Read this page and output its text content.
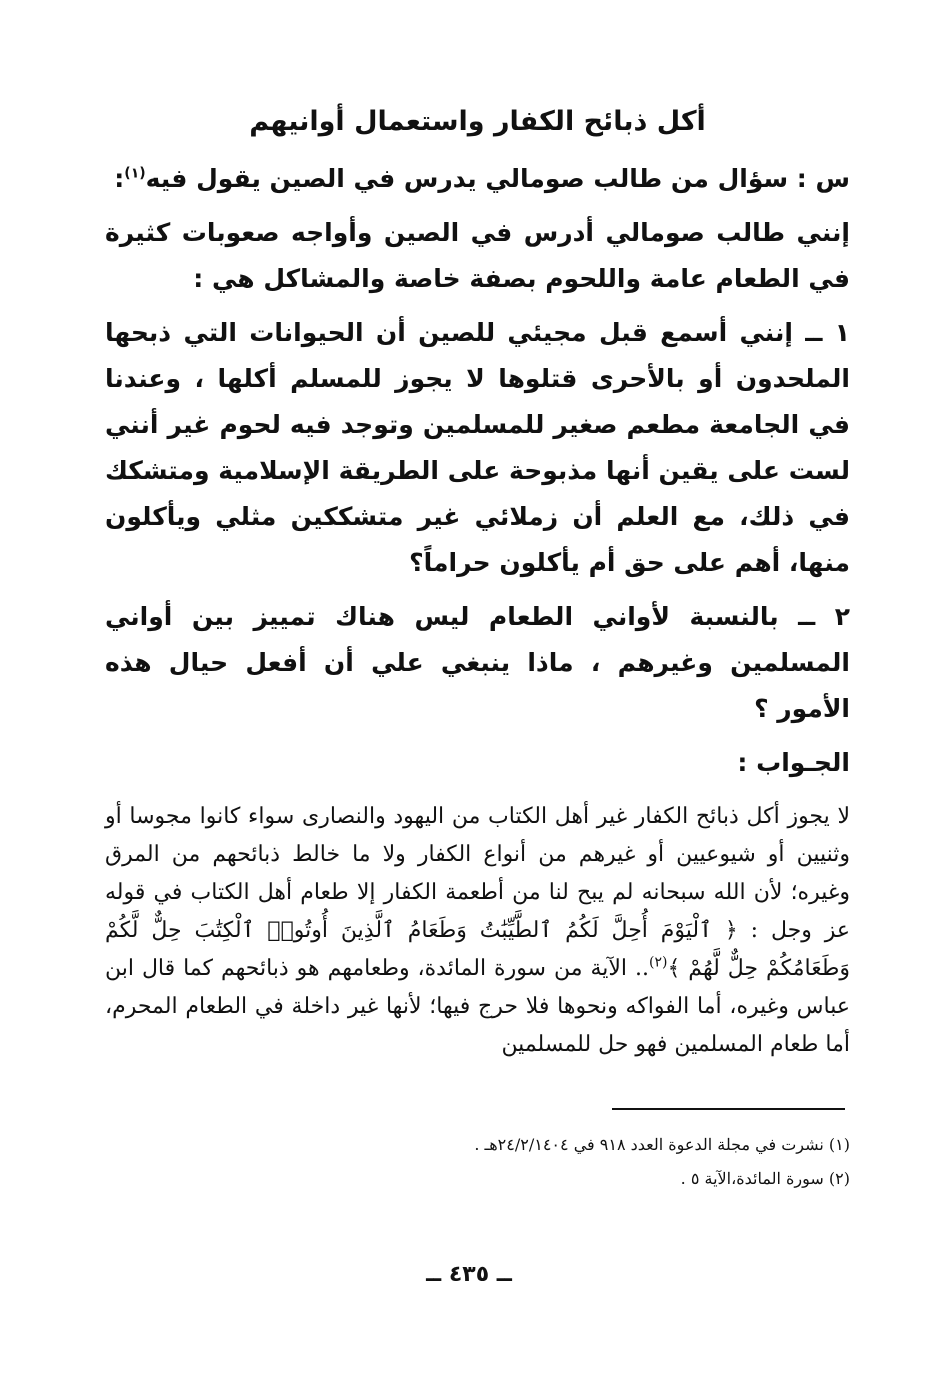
أكل ذبائح الكفار واستعمال أوانيهم
س : سؤال من طالب صومالي يدرس في الصين يقول فيه$^{(١)}$:

إنني طالب صومالي أدرس في الصين وأواجه صعوبات كثيرة في الطعام عامة واللحوم بصفة خاصة والمشاكل هي :

١ ــ إنني أسمع قبل مجيئي للصين أن الحيوانات التي ذبحها الملحدون أو بالأحرى قتلوها لا يجوز للمسلم أكلها ، وعندنا في الجامعة مطعم صغير للمسلمين وتوجد فيه لحوم غير أنني لست على يقين أنها مذبوحة على الطريقة الإسلامية ومتشكك في ذلك، مع العلم أن زملائي غير متشككين مثلي ويأكلون منها، أهم على حق أم يأكلون حراماً؟

٢ ــ بالنسبة لأواني الطعام ليس هناك تمييز بين أواني المسلمين وغيرهم ، ماذا ينبغي علي أن أفعل حيال هذه الأمور ؟

الجـواب :

لا يجوز أكل ذبائح الكفار غير أهل الكتاب من اليهود والنصارى سواء كانوا مجوسا أو وثنيين أو شيوعيين أو غيرهم من أنواع الكفار ولا ما خالط ذبائحهم من المرق وغيره؛ لأن الله سبحانه لم يبح لنا من أطعمة الكفار إلا طعام أهل الكتاب في قوله عز وجل : ﴿ ٱلْيَوْمَ أُحِلَّ لَكُمُ ٱلطَّيِّبَٰتُ وَطَعَامُ ٱلَّذِينَ أُوتُوا۟ ٱلْكِتَٰبَ حِلٌّ لَّكُمْ وَطَعَامُكُمْ حِلٌّ لَّهُمْ ﴾$^{(٢)}$.. الآية من سورة المائدة، وطعامهم هو ذبائحهم كما قال ابن عباس وغيره، أما الفواكه ونحوها فلا حرج فيها؛ لأنها غير داخلة في الطعام المحرم، أما طعام المسلمين فهو حل للمسلمين

(١) نشرت في مجلة الدعوة العدد ٩١٨ في ٢٤/٢/١٤٠٤هـ .
(٢) سورة المائدة،الآية ٥ .
ــ ٤٣٥ ــ
